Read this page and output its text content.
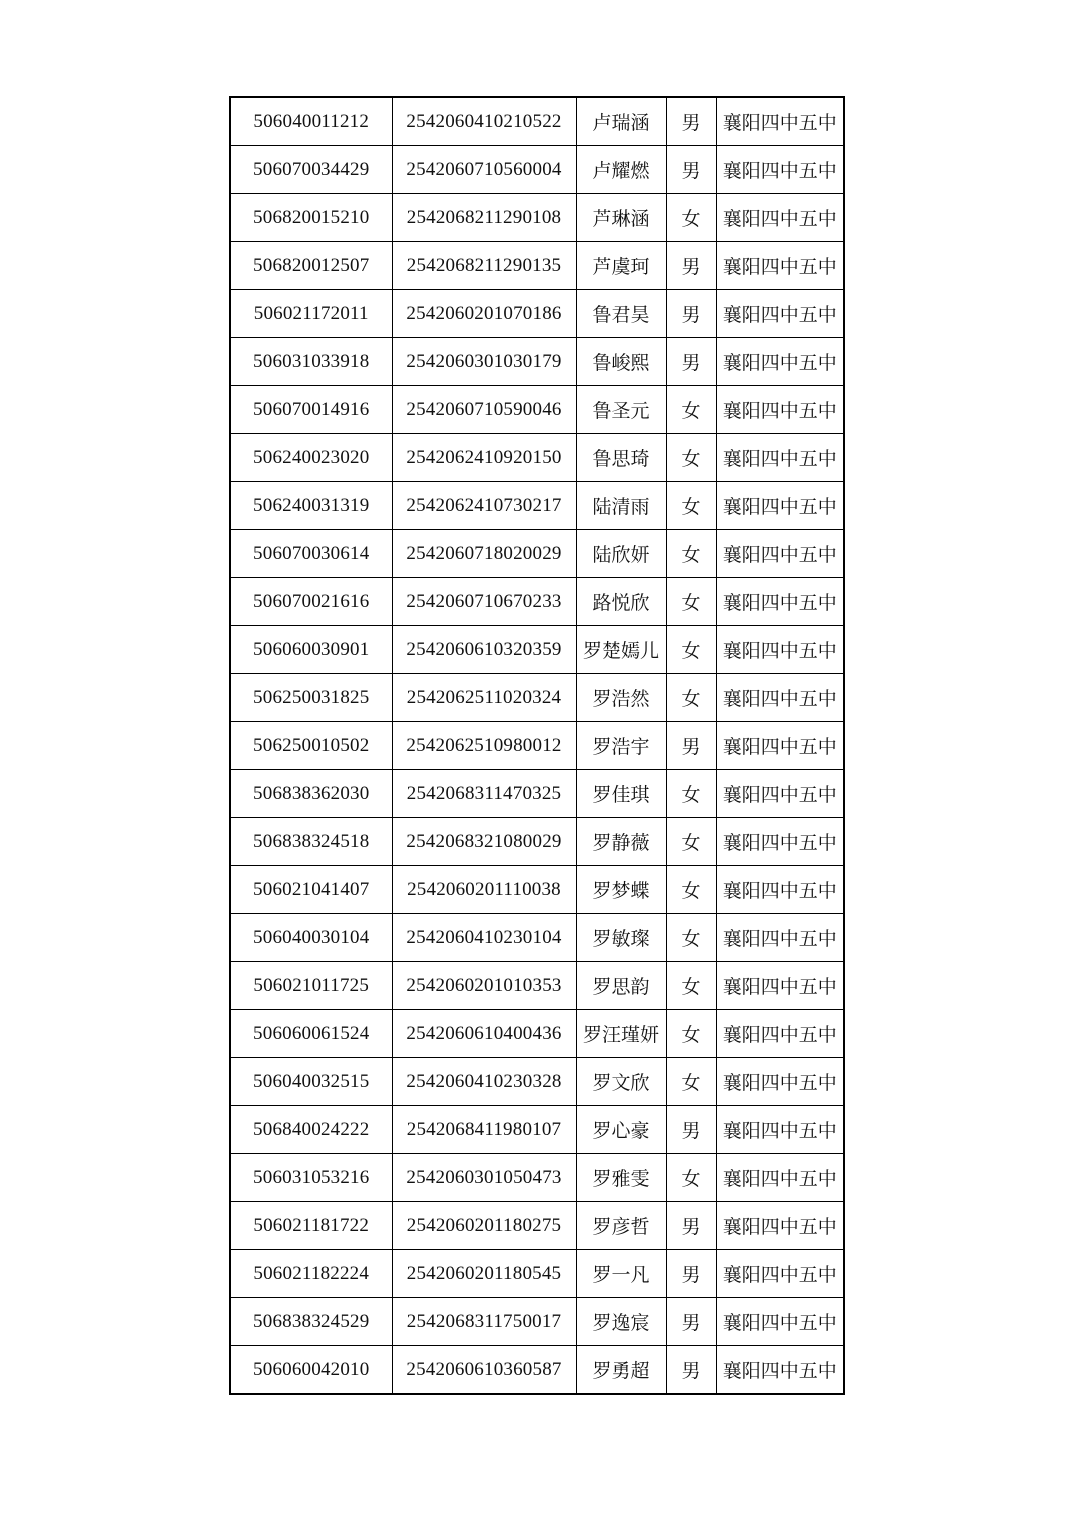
506040011212	2542060410210522	卢瑞涵	男	襄阳四中五中
506070034429	2542060710560004	卢耀燃	男	襄阳四中五中
506820015210	2542068211290108	芦琳涵	女	襄阳四中五中
506820012507	2542068211290135	芦虞珂	男	襄阳四中五中
506021172011	2542060201070186	鲁君昊	男	襄阳四中五中
506031033918	2542060301030179	鲁峻熙	男	襄阳四中五中
506070014916	2542060710590046	鲁圣元	女	襄阳四中五中
506240023020	2542062410920150	鲁思琦	女	襄阳四中五中
506240031319	2542062410730217	陆清雨	女	襄阳四中五中
506070030614	2542060718020029	陆欣妍	女	襄阳四中五中
506070021616	2542060710670233	路悦欣	女	襄阳四中五中
506060030901	2542060610320359	罗楚嫣儿	女	襄阳四中五中
506250031825	2542062511020324	罗浩然	女	襄阳四中五中
506250010502	2542062510980012	罗浩宇	男	襄阳四中五中
506838362030	2542068311470325	罗佳琪	女	襄阳四中五中
506838324518	2542068321080029	罗静薇	女	襄阳四中五中
506021041407	2542060201110038	罗梦蝶	女	襄阳四中五中
506040030104	2542060410230104	罗敏璨	女	襄阳四中五中
506021011725	2542060201010353	罗思韵	女	襄阳四中五中
506060061524	2542060610400436	罗汪瑾妍	女	襄阳四中五中
506040032515	2542060410230328	罗文欣	女	襄阳四中五中
506840024222	2542068411980107	罗心豪	男	襄阳四中五中
506031053216	2542060301050473	罗雅雯	女	襄阳四中五中
506021181722	2542060201180275	罗彦哲	男	襄阳四中五中
506021182224	2542060201180545	罗一凡	男	襄阳四中五中
506838324529	2542068311750017	罗逸宸	男	襄阳四中五中
506060042010	2542060610360587	罗勇超	男	襄阳四中五中
